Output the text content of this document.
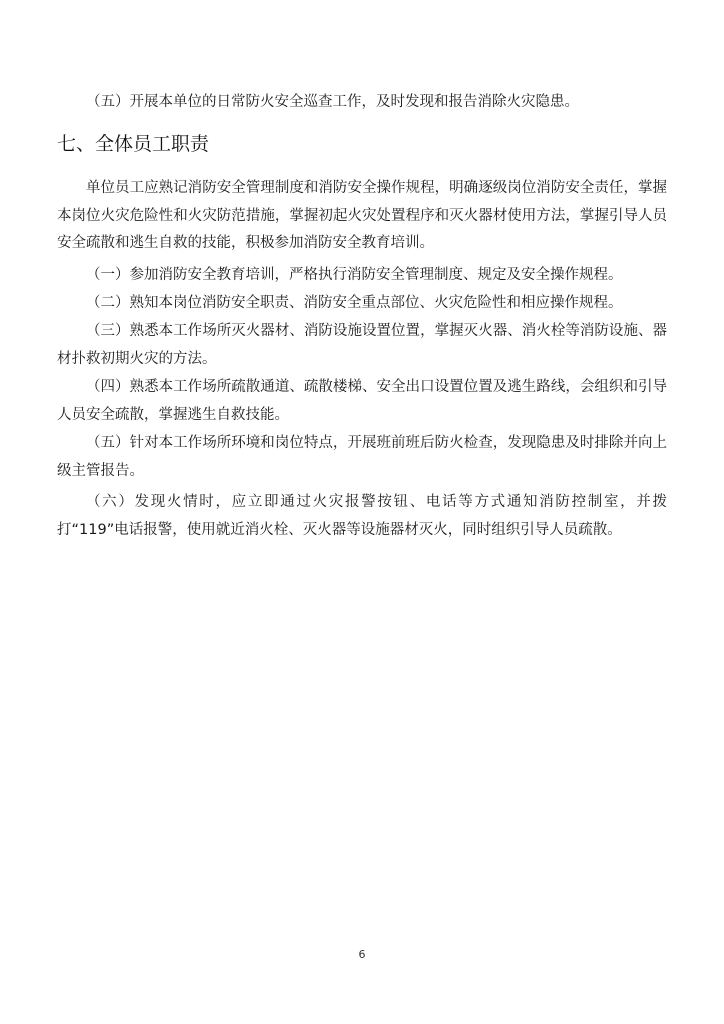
（五）开展本单位的日常防火安全巡查工作，及时发现和报告消除火灾隐患。

七、全体员工职责

单位员工应熟记消防安全管理制度和消防安全操作规程，明确逐级岗位消防安全责任，掌握本岗位火灾危险性和火灾防范措施，掌握初起火灾处置程序和灭火器材使用方法，掌握引导人员安全疏散和逃生自救的技能，积极参加消防安全教育培训。

（一）参加消防安全教育培训，严格执行消防安全管理制度、规定及安全操作规程。

（二）熟知本岗位消防安全职责、消防安全重点部位、火灾危险性和相应操作规程。

（三）熟悉本工作场所灭火器材、消防设施设置位置，掌握灭火器、消火栓等消防设施、器材扑救初期火灾的方法。

（四）熟悉本工作场所疏散通道、疏散楼梯、安全出口设置位置及逃生路线，会组织和引导人员安全疏散，掌握逃生自救技能。

（五）针对本工作场所环境和岗位特点，开展班前班后防火检查，发现隐患及时排除并向上级主管报告。

（六）发现火情时，应立即通过火灾报警按钮、电话等方式通知消防控制室，并拨打“119”电话报警，使用就近消火栓、灭火器等设施器材灭火，同时组织引导人员疏散。

6
